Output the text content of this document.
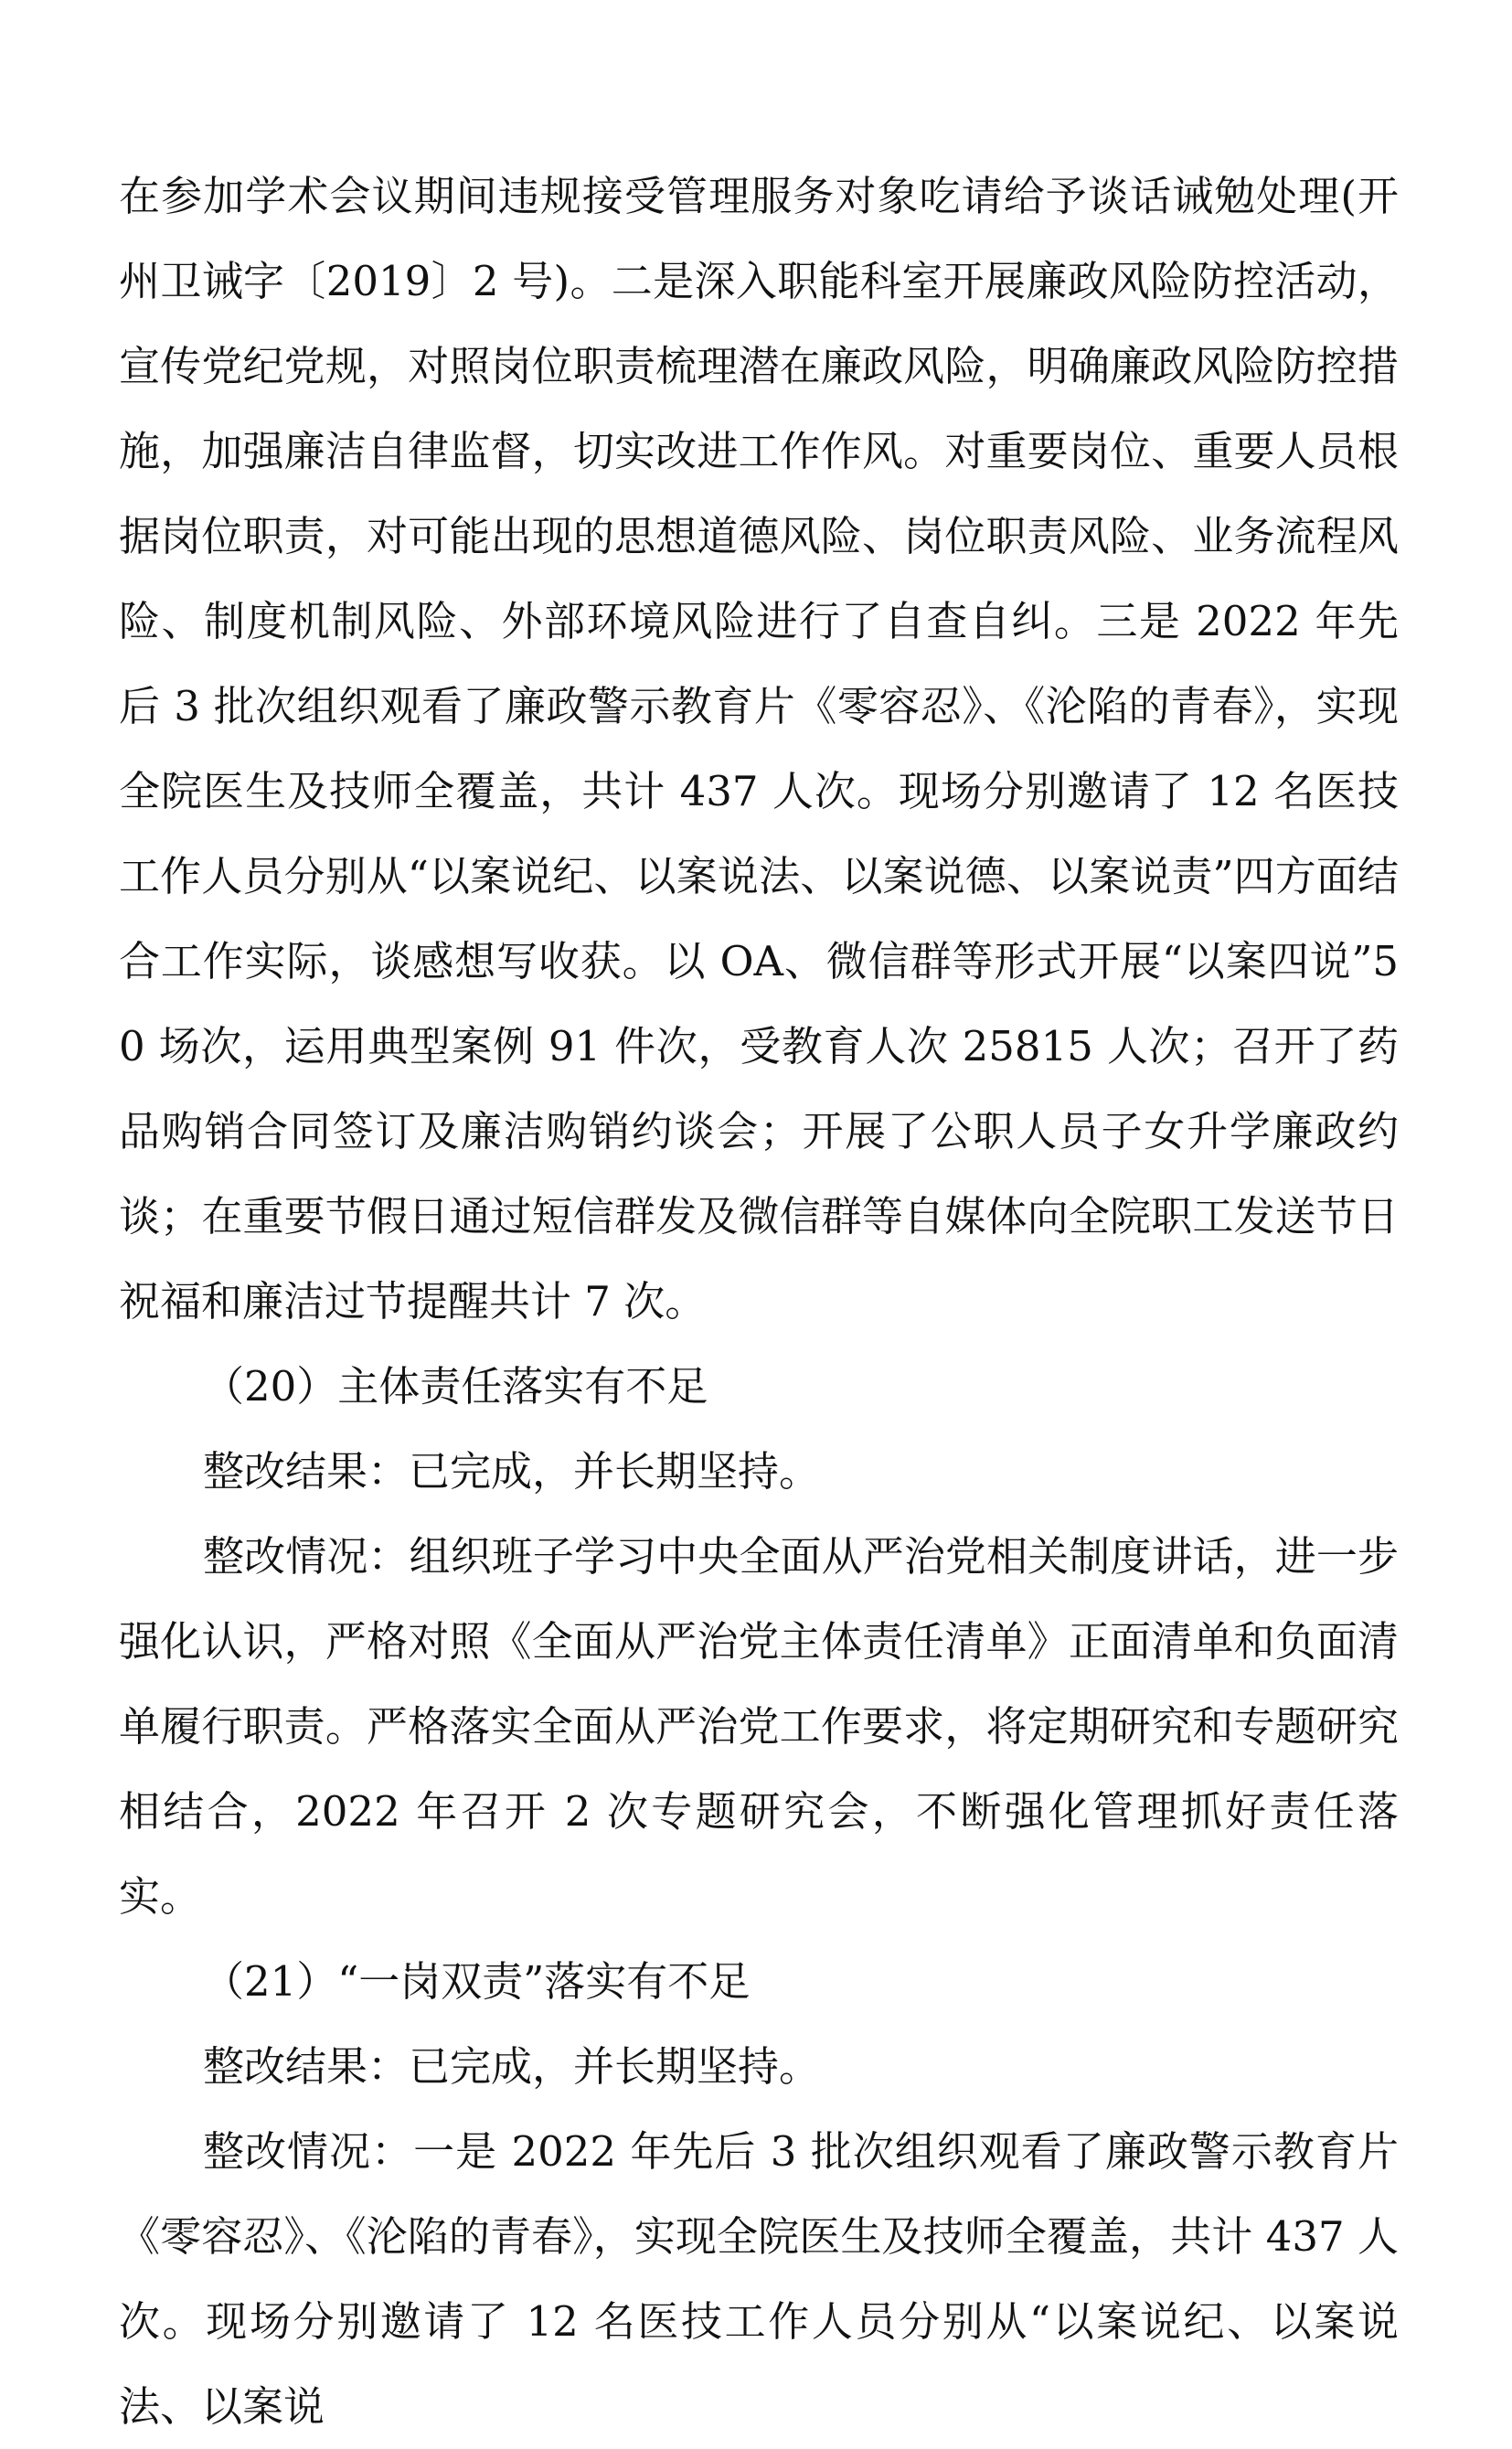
在参加学术会议期间违规接受管理服务对象吃请给予谈话诫勉处理(开州卫诫字〔2019〕2 号)。二是深入职能科室开展廉政风险防控活动，宣传党纪党规，对照岗位职责梳理潜在廉政风险，明确廉政风险防控措施，加强廉洁自律监督，切实改进工作作风。对重要岗位、重要人员根据岗位职责，对可能出现的思想道德风险、岗位职责风险、业务流程风险、制度机制风险、外部环境风险进行了自查自纠。三是 2022 年先后 3 批次组织观看了廉政警示教育片《零容忍》、《沦陷的青春》，实现全院医生及技师全覆盖，共计 437 人次。现场分别邀请了 12 名医技工作人员分别从“以案说纪、以案说法、以案说德、以案说责”四方面结合工作实际，谈感想写收获。以 OA、微信群等形式开展“以案四说”50 场次，运用典型案例 91 件次，受教育人次 25815 人次；召开了药品购销合同签订及廉洁购销约谈会；开展了公职人员子女升学廉政约谈；在重要节假日通过短信群发及微信群等自媒体向全院职工发送节日祝福和廉洁过节提醒共计 7 次。

（20）主体责任落实有不足

整改结果：已完成，并长期坚持。

整改情况：组织班子学习中央全面从严治党相关制度讲话，进一步强化认识，严格对照《全面从严治党主体责任清单》正面清单和负面清单履行职责。严格落实全面从严治党工作要求，将定期研究和专题研究相结合，2022 年召开 2 次专题研究会，不断强化管理抓好责任落实。

（21）“一岗双责”落实有不足

整改结果：已完成，并长期坚持。

整改情况：一是 2022 年先后 3 批次组织观看了廉政警示教育片《零容忍》、《沦陷的青春》，实现全院医生及技师全覆盖，共计 437 人次。现场分别邀请了 12 名医技工作人员分别从“以案说纪、以案说法、以案说
